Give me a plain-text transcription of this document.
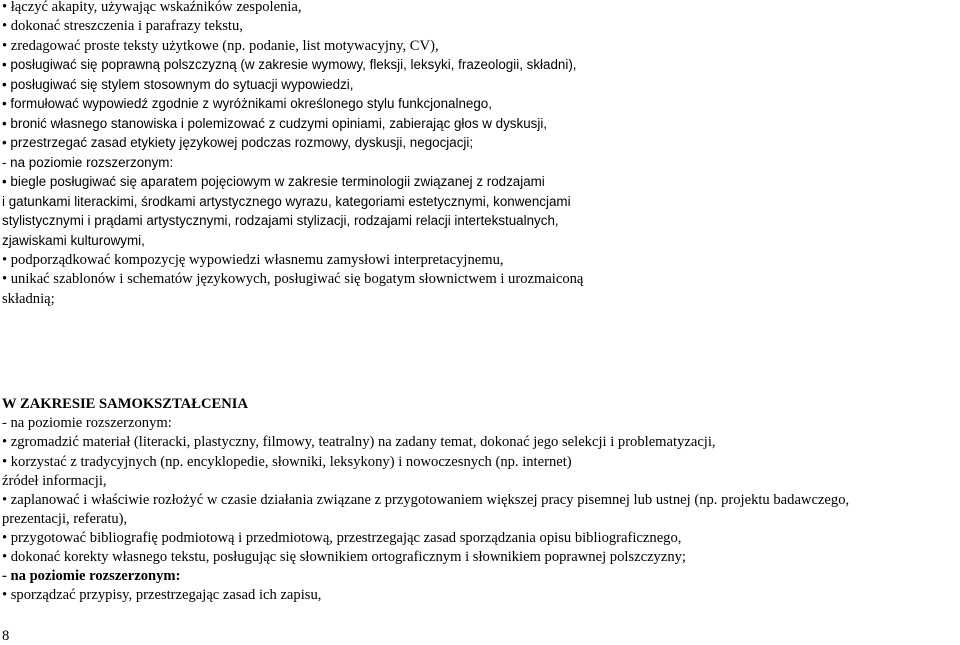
• łączyć akapity, używając wskaźników zespolenia,
• dokonać streszczenia i parafrazy tekstu,
• zredagować proste teksty użytkowe (np. podanie, list motywacyjny, CV),
• posługiwać się poprawną polszczyzną (w zakresie wymowy, fleksji, leksyki, frazeologii, składni),
• posługiwać się stylem stosownym do sytuacji wypowiedzi,
• formułować wypowiedź zgodnie z wyróżnikami określonego stylu funkcjonalnego,
• bronić własnego stanowiska i polemizować z cudzymi opiniami, zabierając głos w dyskusji,
• przestrzegać zasad etykiety językowej podczas rozmowy, dyskusji, negocjacji;
- na poziomie rozszerzonym:
• biegle posługiwać się aparatem pojęciowym w zakresie terminologii związanej z rodzajami
i gatunkami literackimi, środkami artystycznego wyrazu, kategoriami estetycznymi, konwencjami
stylistycznymi i prądami artystycznymi, rodzajami stylizacji, rodzajami relacji intertekstualnych,
zjawiskami kulturowymi,
• podporządkować kompozycję wypowiedzi własnemu zamysłowi interpretacyjnemu,
• unikać szablonów i schematów językowych, posługiwać się bogatym słownictwem i urozmaiconą
składnią;
W ZAKRESIE SAMOKSZTAŁCENIA
- na poziomie rozszerzonym:
• zgromadzić materiał (literacki, plastyczny, filmowy, teatralny) na zadany temat, dokonać jego selekcji i problematyzacji,
• korzystać z tradycyjnych (np. encyklopedie, słowniki, leksykony) i nowoczesnych (np. internet)
źródeł informacji,
• zaplanować i właściwie rozłożyć w czasie działania związane z przygotowaniem większej pracy pisemnej lub ustnej (np. projektu badawczego,
prezentacji, referatu),
• przygotować bibliografię podmiotową i przedmiotową, przestrzegając zasad sporządzania opisu bibliograficznego,
• dokonać korekty własnego tekstu, posługując się słownikiem ortograficznym i słownikiem poprawnej polszczyzny;
- na poziomie rozszerzonym:
• sporządzać przypisy, przestrzegając zasad ich zapisu,
8
